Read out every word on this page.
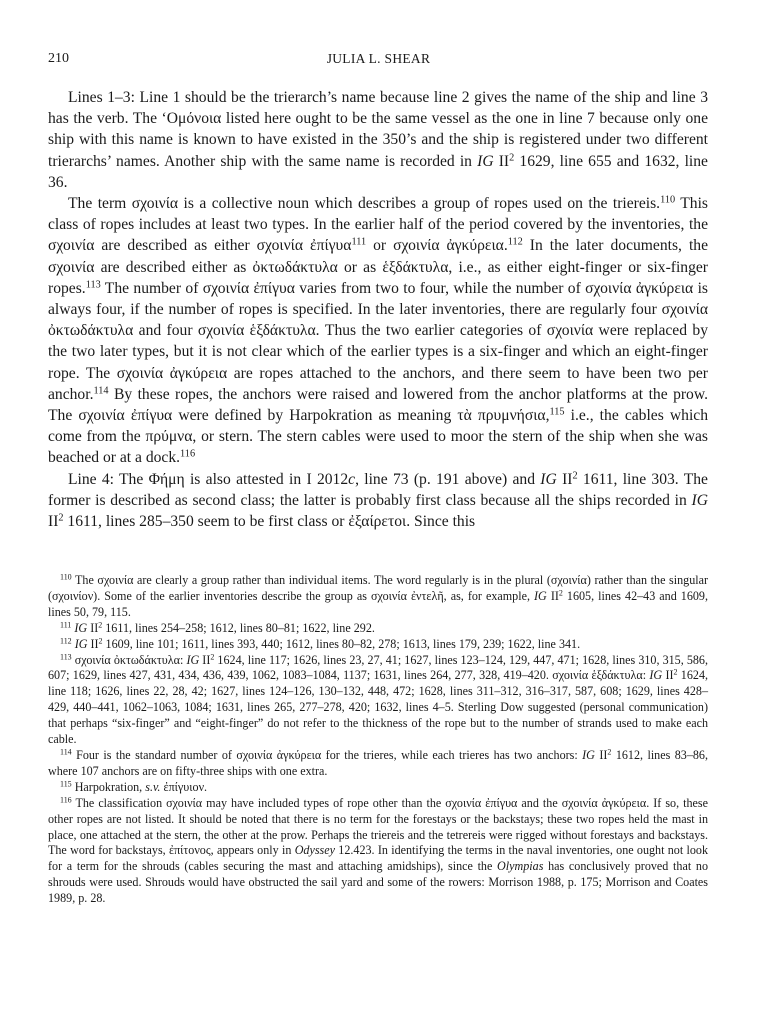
210	JULIA L. SHEAR

Lines 1–3: Line 1 should be the trierarch’s name because line 2 gives the name of the ship and line 3 has the verb. The ‘Ομόνοια listed here ought to be the same vessel as the one in line 7 because only one ship with this name is known to have existed in the 350’s and the ship is registered under two different trierarchs’ names. Another ship with the same name is recorded in IG $II^2$ 1629, line 655 and 1632, line 36.

The term σχοινία is a collective noun which describes a group of ropes used on the triereis.$^{110}$ This class of ropes includes at least two types. In the earlier half of the period covered by the inventories, the σχοινία are described as either σχοινία ἐπίγυα$^{111}$ or σχοινία ἀγκύρεια.$^{112}$ In the later documents, the σχοινία are described either as ὀκτωδάκτυλα or as ἑξδάκτυλα, i.e., as either eight-finger or six-finger ropes.$^{113}$ The number of σχοινία ἐπίγυα varies from two to four, while the number of σχοινία ἀγκύρεια is always four, if the number of ropes is specified. In the later inventories, there are regularly four σχοινία ὀκτωδάκτυλα and four σχοινία ἑξδάκτυλα. Thus the two earlier categories of σχοινία were replaced by the two later types, but it is not clear which of the earlier types is a six-finger and which an eight-finger rope. The σχοινία ἀγκύρεια are ropes attached to the anchors, and there seem to have been two per anchor.$^{114}$ By these ropes, the anchors were raised and lowered from the anchor platforms at the prow. The σχοινία ἐπίγυα were defined by Harpokration as meaning τὰ πρυμνήσια,$^{115}$ i.e., the cables which come from the πρύμνα, or stern. The stern cables were used to moor the stern of the ship when she was beached or at a dock.$^{116}$

Line 4: The Φήμη is also attested in I 2012c, line 73 (p. 191 above) and IG $II^2$ 1611, line 303. The former is described as second class; the latter is probably first class because all the ships recorded in IG $II^2$ 1611, lines 285–350 seem to be first class or ἐξαίρετοι. Since this

$^{110}$ The σχοινία are clearly a group rather than individual items. The word regularly is in the plural (σχοινία) rather than the singular (σχοινίον). Some of the earlier inventories describe the group as σχοινία ἐντελῆ, as, for example, IG $II^2$ 1605, lines 42–43 and 1609, lines 50, 79, 115.

$^{111}$ IG $II^2$ 1611, lines 254–258; 1612, lines 80–81; 1622, line 292.

$^{112}$ IG $II^2$ 1609, line 101; 1611, lines 393, 440; 1612, lines 80–82, 278; 1613, lines 179, 239; 1622, line 341.

$^{113}$ σχοινία ὀκτωδάκτυλα: IG $II^2$ 1624, line 117; 1626, lines 23, 27, 41; 1627, lines 123–124, 129, 447, 471; 1628, lines 310, 315, 586, 607; 1629, lines 427, 431, 434, 436, 439, 1062, 1083–1084, 1137; 1631, lines 264, 277, 328, 419–420. σχοινία ἑξδάκτυλα: IG $II^2$ 1624, line 118; 1626, lines 22, 28, 42; 1627, lines 124–126, 130–132, 448, 472; 1628, lines 311–312, 316–317, 587, 608; 1629, lines 428–429, 440–441, 1062–1063, 1084; 1631, lines 265, 277–278, 420; 1632, lines 4–5. Sterling Dow suggested (personal communication) that perhaps “six-finger” and “eight-finger” do not refer to the thickness of the rope but to the number of strands used to make each cable.

$^{114}$ Four is the standard number of σχοινία ἀγκύρεια for the trieres, while each trieres has two anchors: IG $II^2$ 1612, lines 83–86, where 107 anchors are on fifty-three ships with one extra.

$^{115}$ Harpokration, s.v. ἐπίγυιον.

$^{116}$ The classification σχοινία may have included types of rope other than the σχοινία ἐπίγυα and the σχοινία ἀγκύρεια. If so, these other ropes are not listed. It should be noted that there is no term for the forestays or the backstays; these two ropes held the mast in place, one attached at the stern, the other at the prow. Perhaps the triereis and the tetrereis were rigged without forestays and backstays. The word for backstays, ἐπίτονος, appears only in Odyssey 12.423. In identifying the terms in the naval inventories, one ought not look for a term for the shrouds (cables securing the mast and attaching amidships), since the Olympias has conclusively proved that no shrouds were used. Shrouds would have obstructed the sail yard and some of the rowers: Morrison 1988, p. 175; Morrison and Coates 1989, p. 28.
